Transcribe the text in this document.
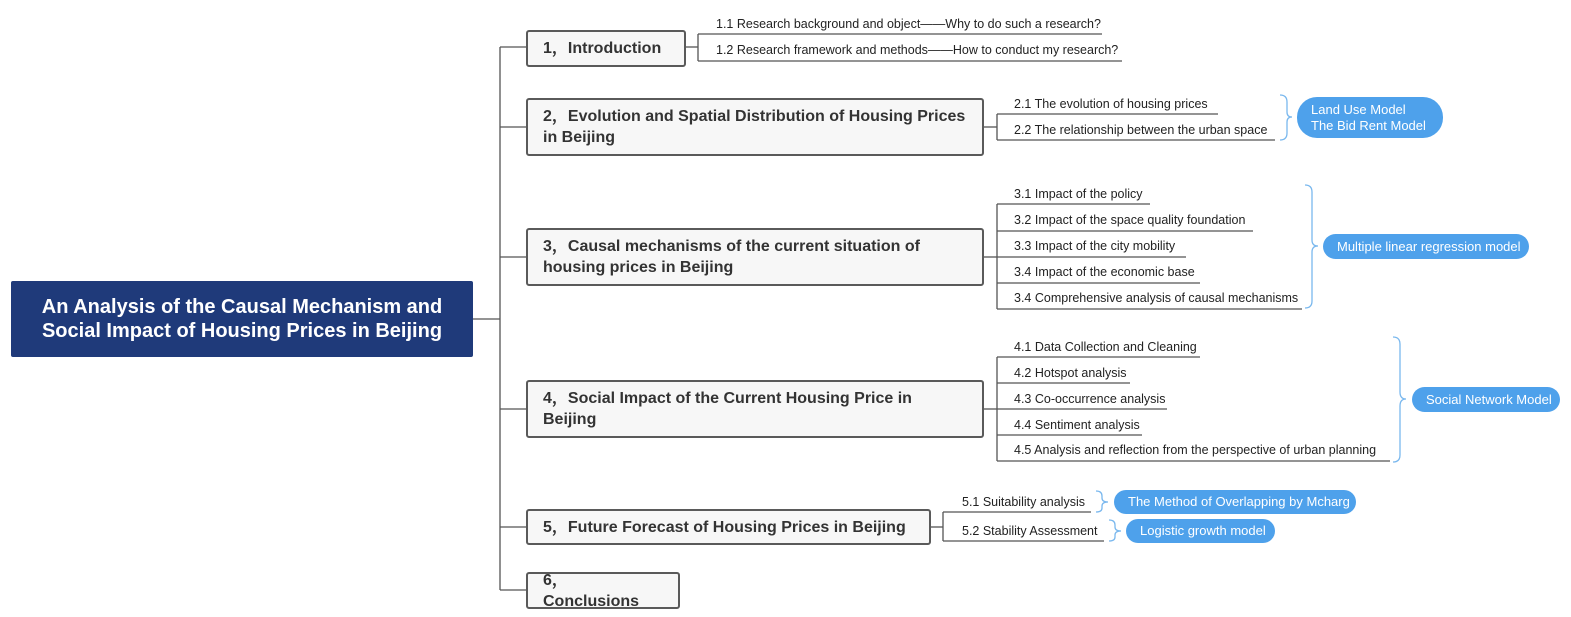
An Analysis of the Causal Mechanism and
Social Impact of Housing Prices in Beijing
1，Introduction
1.1 Research background and object——Why to do such a research?
1.2 Research framework and methods——How to conduct my research?
2，Evolution and Spatial Distribution of Housing Prices in Beijing
2.1 The evolution of housing prices
2.2 The relationship between the urban space
Land Use Model
The Bid Rent Model
3，Causal mechanisms of the current situation of housing prices in Beijing
3.1 Impact of the policy
3.2 Impact of the space quality foundation
3.3 Impact of the city mobility
3.4 Impact of the economic base
3.4 Comprehensive analysis of causal mechanisms
Multiple linear regression model
4，Social Impact of the Current Housing Price in Beijing
4.1 Data Collection and Cleaning
4.2 Hotspot analysis
4.3 Co-occurrence analysis
4.4 Sentiment analysis
4.5 Analysis and reflection from the perspective of urban planning
Social Network Model
5，Future Forecast of Housing Prices in Beijing
5.1 Suitability analysis
5.2 Stability Assessment
The Method of Overlapping by Mcharg
Logistic growth model
6，Conclusions
